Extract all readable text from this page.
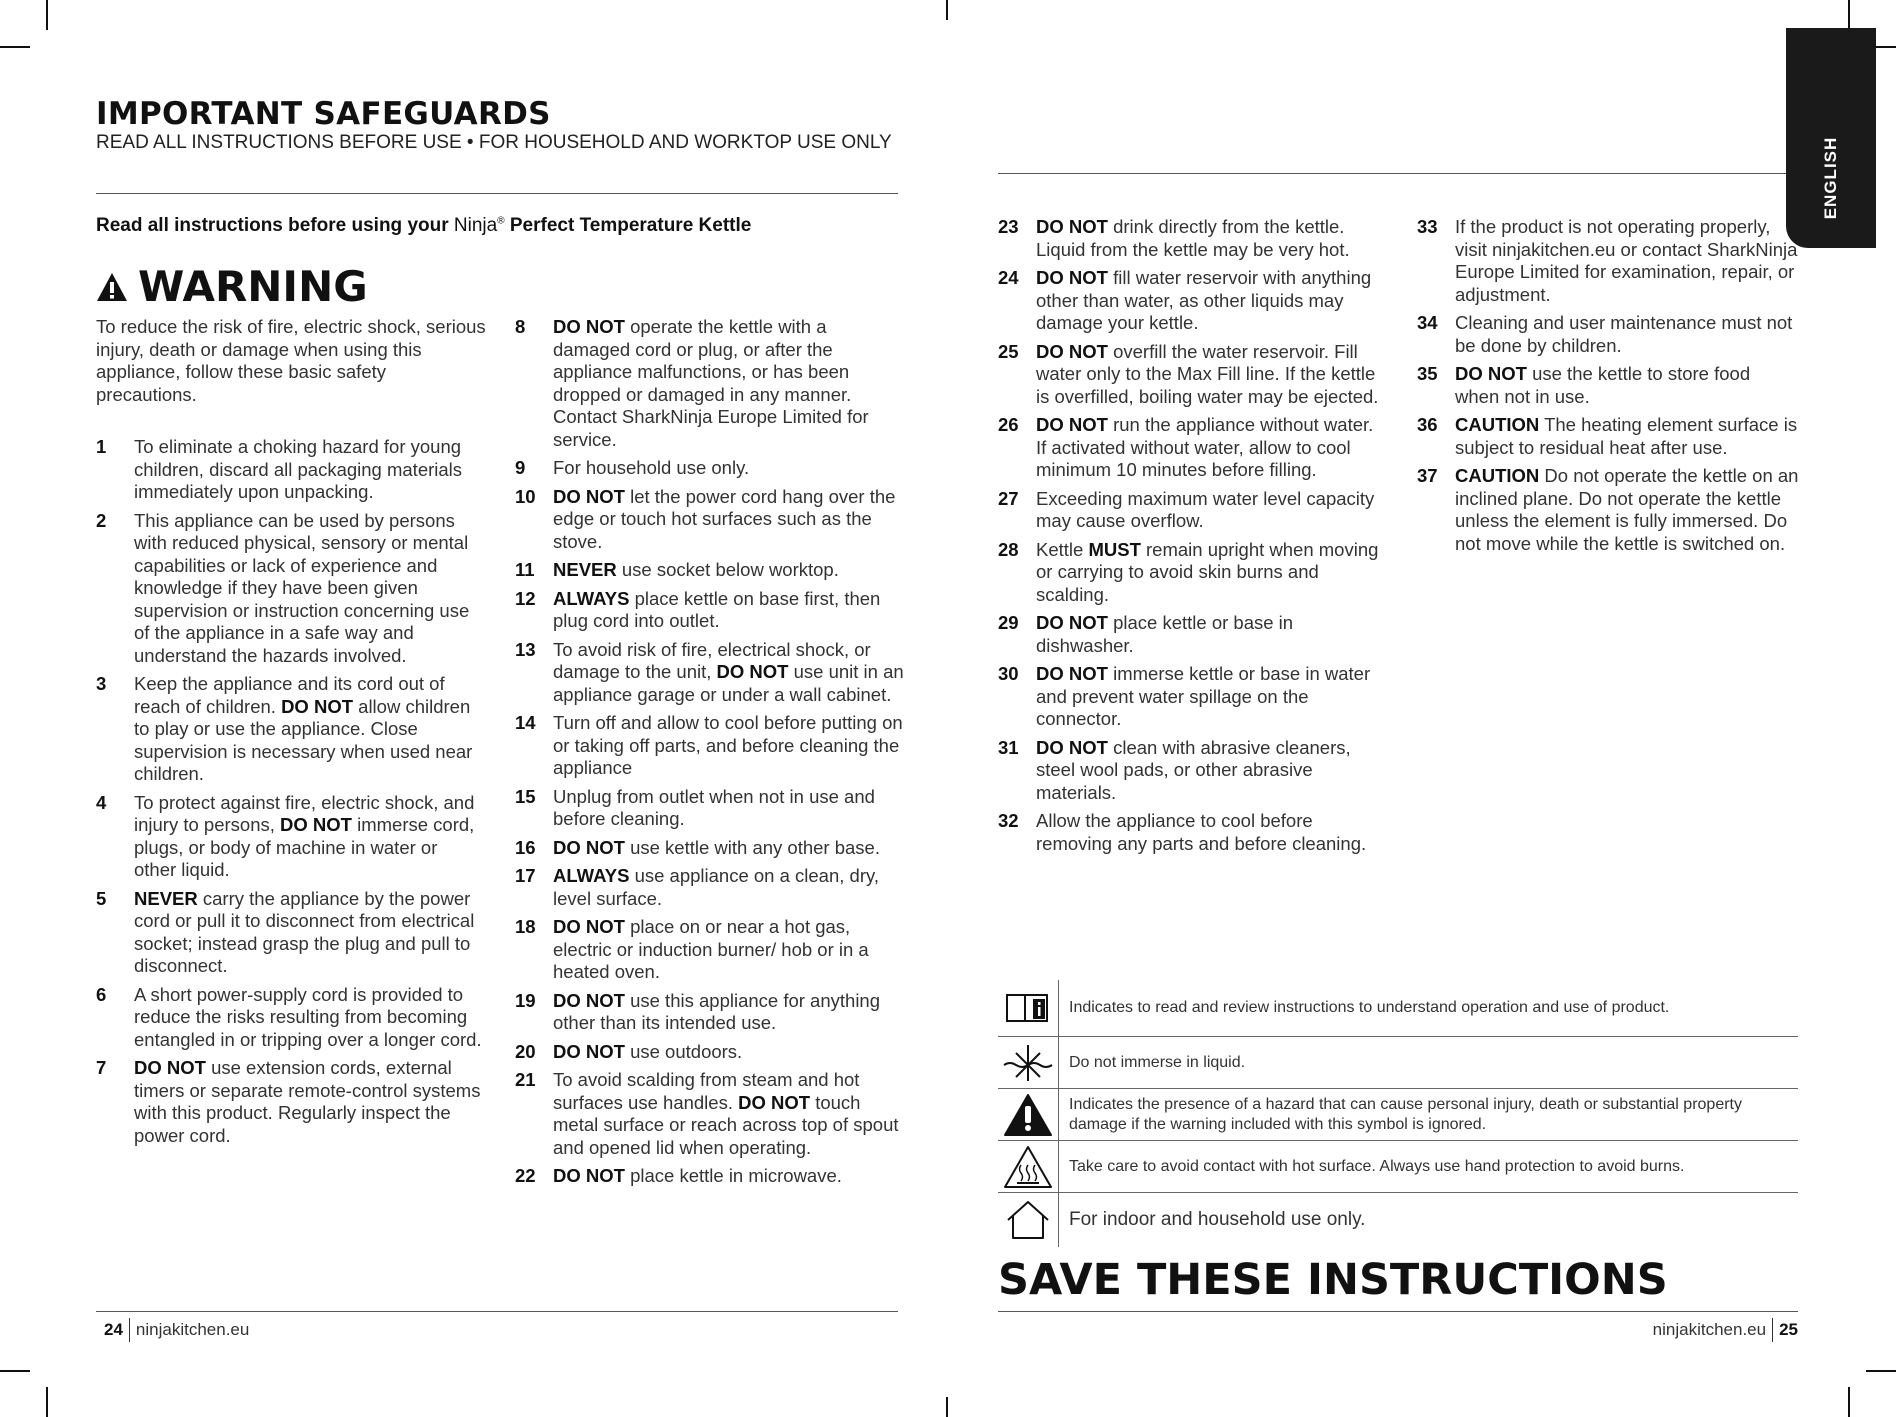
IMPORTANT SAFEGUARDS
READ ALL INSTRUCTIONS BEFORE USE • FOR HOUSEHOLD AND WORKTOP USE ONLY
Read all instructions before using your Ninja® Perfect Temperature Kettle
WARNING
To reduce the risk of fire, electric shock, serious injury, death or damage when using this appliance, follow these basic safety precautions.
1	To eliminate a choking hazard for young children, discard all packaging materials immediately upon unpacking.
2	This appliance can be used by persons with reduced physical, sensory or mental capabilities or lack of experience and knowledge if they have been given supervision or instruction concerning use of the appliance in a safe way and understand the hazards involved.
3	Keep the appliance and its cord out of reach of children. DO NOT allow children to play or use the appliance. Close supervision is necessary when used near children.
4	To protect against fire, electric shock, and injury to persons, DO NOT immerse cord, plugs, or body of machine in water or other liquid.
5	NEVER carry the appliance by the power cord or pull it to disconnect from electrical socket; instead grasp the plug and pull to disconnect.
6	A short power-supply cord is provided to reduce the risks resulting from becoming entangled in or tripping over a longer cord.
7	DO NOT use extension cords, external timers or separate remote-control systems with this product. Regularly inspect the power cord.
8	DO NOT operate the kettle with a damaged cord or plug, or after the appliance malfunctions, or has been dropped or damaged in any manner. Contact SharkNinja Europe Limited for service.
9	For household use only.
10 DO NOT let the power cord hang over the edge or touch hot surfaces such as the stove.
11 NEVER use socket below worktop.
12 ALWAYS place kettle on base first, then plug cord into outlet.
13 To avoid risk of fire, electrical shock, or damage to the unit, DO NOT use unit in an appliance garage or under a wall cabinet.
14 Turn off and allow to cool before putting on or taking off parts, and before cleaning the appliance
15 Unplug from outlet when not in use and before cleaning.
16 DO NOT use kettle with any other base.
17 ALWAYS use appliance on a clean, dry, level surface.
18 DO NOT place on or near a hot gas, electric or induction burner/ hob or in a heated oven.
19 DO NOT use this appliance for anything other than its intended use.
20 DO NOT use outdoors.
21 To avoid scalding from steam and hot surfaces use handles. DO NOT touch metal surface or reach across top of spout and opened lid when operating.
22 DO NOT place kettle in microwave.
24 ninjakitchen.eu
ENGLISH
23 DO NOT drink directly from the kettle. Liquid from the kettle may be very hot.
24 DO NOT fill water reservoir with anything other than water, as other liquids may damage your kettle.
25 DO NOT overfill the water reservoir. Fill water only to the Max Fill line. If the kettle is overfilled, boiling water may be ejected.
26 DO NOT run the appliance without water. If activated without water, allow to cool minimum 10 minutes before filling.
27 Exceeding maximum water level capacity may cause overflow.
28 Kettle MUST remain upright when moving or carrying to avoid skin burns and scalding.
29 DO NOT place kettle or base in dishwasher.
30 DO NOT immerse kettle or base in water and prevent water spillage on the connector.
31 DO NOT clean with abrasive cleaners, steel wool pads, or other abrasive materials.
32 Allow the appliance to cool before removing any parts and before cleaning.
33 If the product is not operating properly, visit ninjakitchen.eu or contact SharkNinja Europe Limited for examination, repair, or adjustment.
34 Cleaning and user maintenance must not be done by children.
35 DO NOT use the kettle to store food when not in use.
36 CAUTION The heating element surface is subject to residual heat after use.
37 CAUTION Do not operate the kettle on an inclined plane. Do not operate the kettle unless the element is fully immersed. Do not move while the kettle is switched on.
Indicates to read and review instructions to understand operation and use of product.
Do not immerse in liquid.
Indicates the presence of a hazard that can cause personal injury, death or substantial property damage if the warning included with this symbol is ignored.
Take care to avoid contact with hot surface. Always use hand protection to avoid burns.
For indoor and household use only.
SAVE THESE INSTRUCTIONS
ninjakitchen.eu 25
